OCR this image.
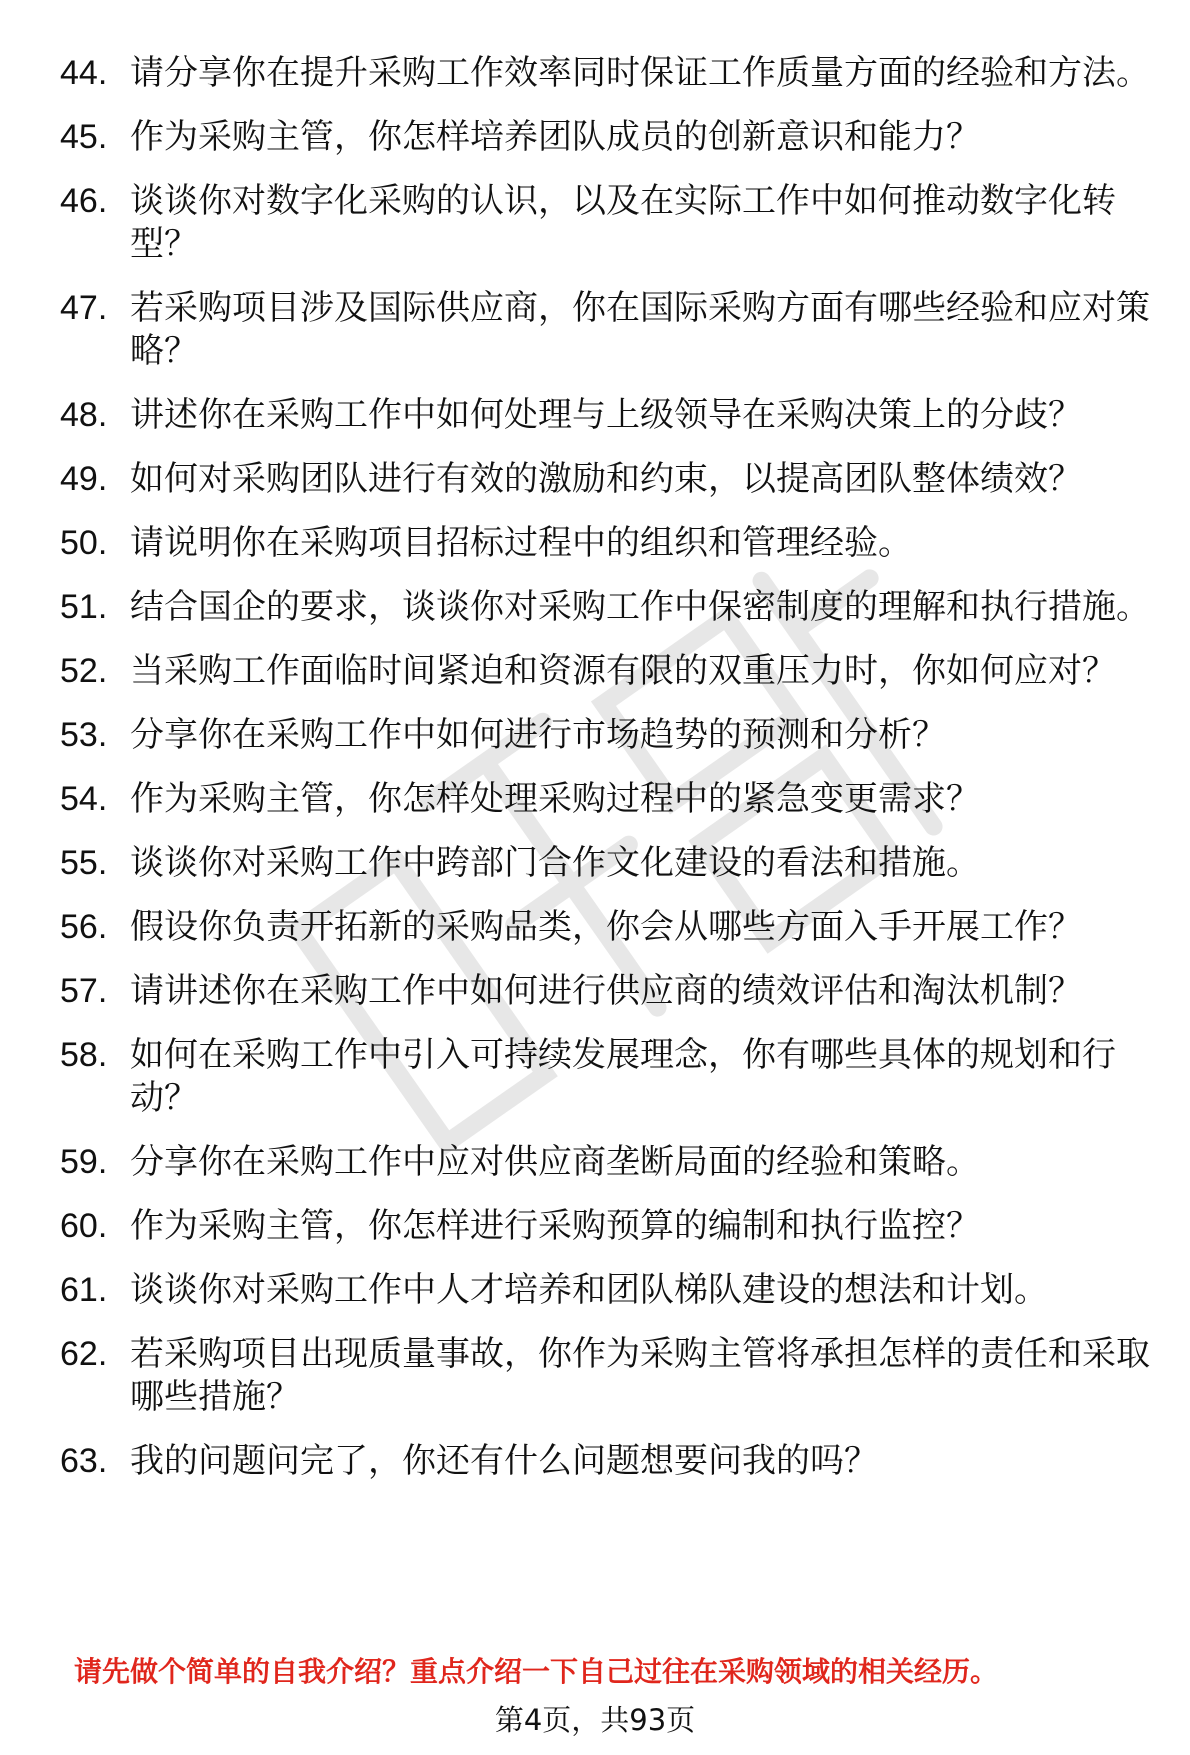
44. 请分享你在提升采购工作效率同时保证工作质量方面的经验和方法。
45. 作为采购主管，你怎样培养团队成员的创新意识和能力？
46. 谈谈你对数字化采购的认识，以及在实际工作中如何推动数字化转型？
47. 若采购项目涉及国际供应商，你在国际采购方面有哪些经验和应对策略？
48. 讲述你在采购工作中如何处理与上级领导在采购决策上的分歧？
49. 如何对采购团队进行有效的激励和约束，以提高团队整体绩效？
50. 请说明你在采购项目招标过程中的组织和管理经验。
51. 结合国企的要求，谈谈你对采购工作中保密制度的理解和执行措施。
52. 当采购工作面临时间紧迫和资源有限的双重压力时，你如何应对？
53. 分享你在采购工作中如何进行市场趋势的预测和分析？
54. 作为采购主管，你怎样处理采购过程中的紧急变更需求？
55. 谈谈你对采购工作中跨部门合作文化建设的看法和措施。
56. 假设你负责开拓新的采购品类，你会从哪些方面入手开展工作？
57. 请讲述你在采购工作中如何进行供应商的绩效评估和淘汰机制？
58. 如何在采购工作中引入可持续发展理念，你有哪些具体的规划和行动？
59. 分享你在采购工作中应对供应商垄断局面的经验和策略。
60. 作为采购主管，你怎样进行采购预算的编制和执行监控？
61. 谈谈你对采购工作中人才培养和团队梯队建设的想法和计划。
62. 若采购项目出现质量事故，你作为采购主管将承担怎样的责任和采取哪些措施？
63. 我的问题问完了，你还有什么问题想要问我的吗？
请先做个简单的自我介绍？重点介绍一下自己过往在采购领域的相关经历。
第4页，共93页
